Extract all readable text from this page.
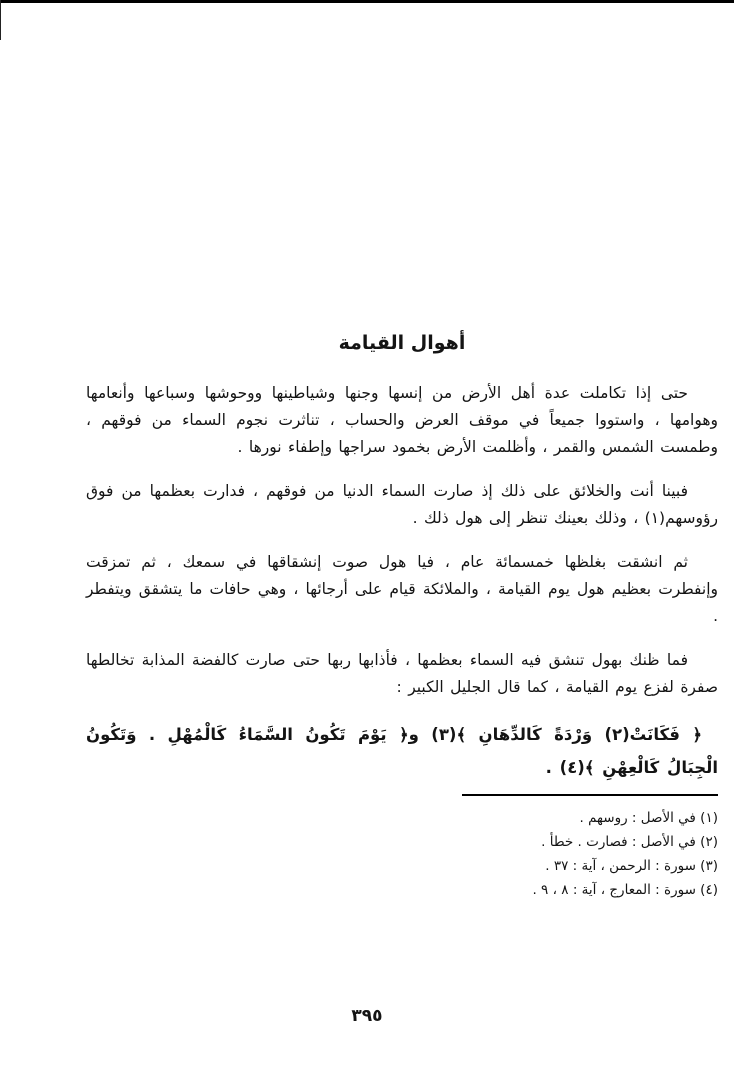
أهوال القيامة

حتى إذا تكاملت عدة أهل الأرض من إنسها وجنها وشياطينها ووحوشها وسباعها وأنعامها وهوامها ، واستووا جميعاً في موقف العرض والحساب ، تناثرت نجوم السماء من فوقهم ، وطمست الشمس والقمر ، وأظلمت الأرض بخمود سراجها وإطفاء نورها .

فبينا أنت والخلائق على ذلك إذ صارت السماء الدنيا من فوقهم ، فدارت بعظمها من فوق رؤوسهم(١) ، وذلك بعينك تنظر إلى هول ذلك .

ثم انشقت بغلظها خمسمائة عام ، فيا هول صوت إنشقاقها في سمعك ، ثم تمزقت وإنفطرت بعظيم هول يوم القيامة ، والملائكة قيام على أرجائها ، وهي حافات ما يتشقق ويتفطر .

فما ظنك بهول تنشق فيه السماء بعظمها ، فأذابها ربها حتى صارت كالفضة المذابة تخالطها صفرة لفزع يوم القيامة ، كما قال الجليل الكبير :

﴿ فَكَانَتْ(٢) وَرْدَةً كَالدِّهَانِ ﴾(٣) و﴿ يَوْمَ تَكُونُ السَّمَاءُ كَالْمُهْلِ . وَتَكُونُ الْجِبَالُ كَالْعِهْنِ ﴾(٤) .

(١) في الأصل : روسهم .

(٢) في الأصل : فصارت . خطأ .

(٣) سورة : الرحمن ، آية : ٣٧ .

(٤) سورة : المعارج ، آية : ٨ ، ٩ .

٣٩٥
